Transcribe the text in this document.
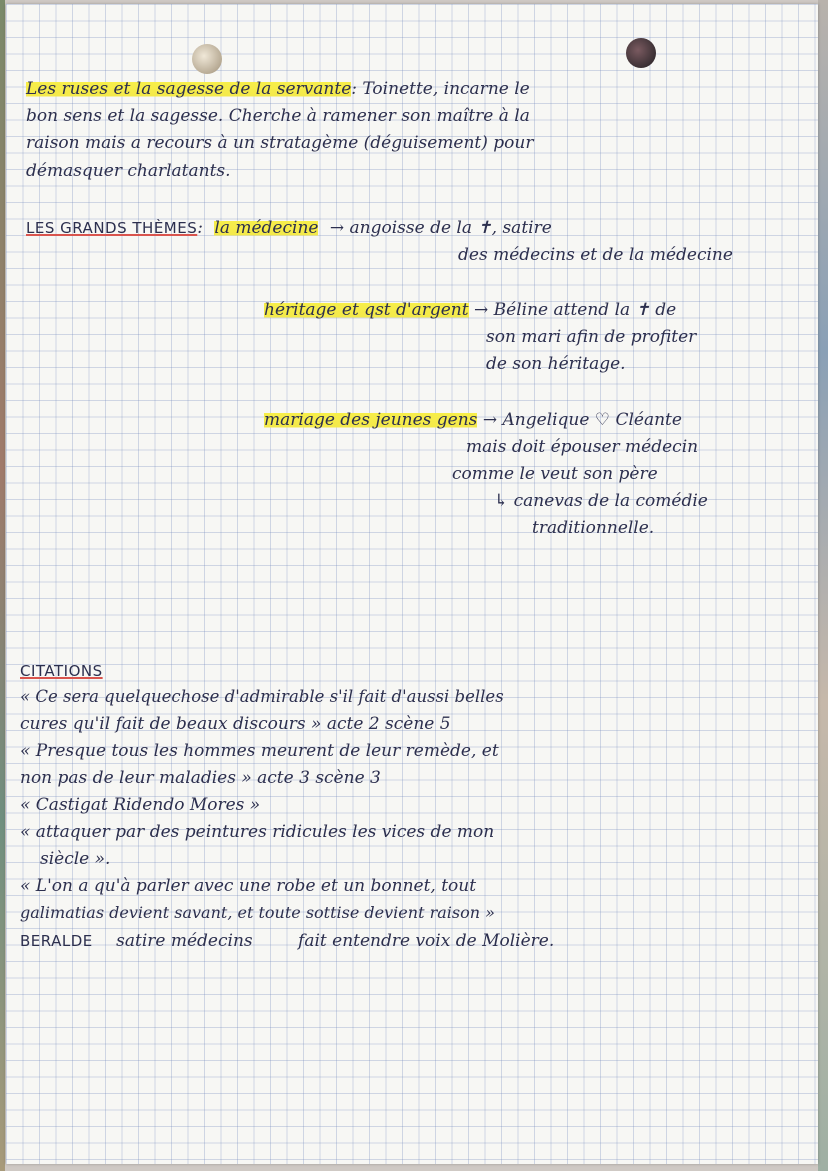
Les ruses et la sagesse de la servante: Toinette, incarne le
bon sens et la sagesse. Cherche à ramener son maître à la
raison mais a recours à un stratagème (déguisement) pour
démasquer charlatants.
LES GRANDS THÈMES: la médecine → angoisse de la ✝, satire
des médecins et de la médecine
héritage et qst d'argent → Béline attend la ✝ de
son mari afin de profiter
de son héritage.
mariage des jeunes gens → Angelique ♡ Cléante
mais doit épouser médecin
comme le veut son père
↳ canevas de la comédie
traditionnelle.
CITATIONS
« Ce sera quelquechose d'admirable s'il fait d'aussi belles
cures qu'il fait de beaux discours » acte 2 scène 5
« Presque tous les hommes meurent de leur remède, et
non pas de leur maladies » acte 3 scène 3
« Castigat Ridendo Mores »
« attaquer par des peintures ridicules les vices de mon
siècle ».
« L'on a qu'à parler avec une robe et un bonnet, tout
galimatias devient savant, et toute sottise devient raison »
BERALDE satire médecins	fait entendre voix de Molière.
